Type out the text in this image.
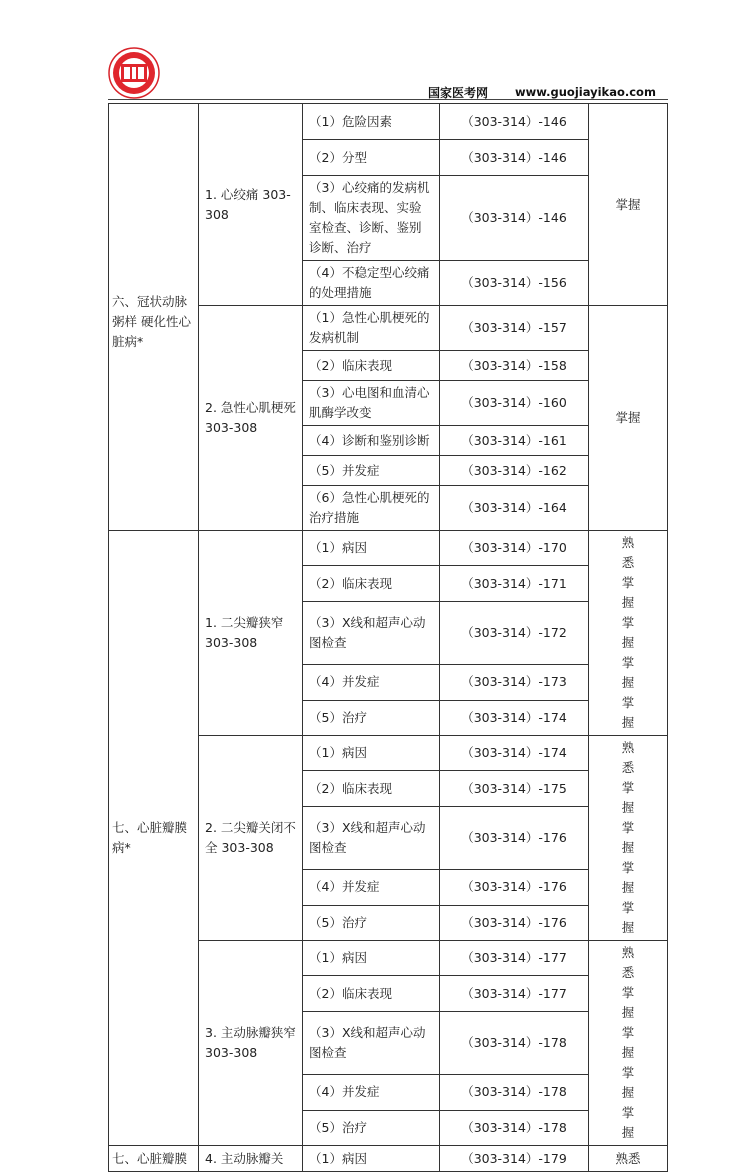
国家医考网 www.guojiayikao.com
六、冠状动脉粥样 硬化性心脏病*	1. 心绞痛 303-308	（1）危险因素	（303-314）-146	掌握
		（2）分型	（303-314）-146	
		（3）心绞痛的发病机制、临床表现、实验室检查、诊断、鉴别诊断、治疗	（303-314）-146	
		（4）不稳定型心绞痛的处理措施	（303-314）-156	
	2. 急性心肌梗死 303-308	（1）急性心肌梗死的发病机制	（303-314）-157	掌握
		（2）临床表现	（303-314）-158	
		（3）心电图和血清心肌酶学改变	（303-314）-160	
		（4）诊断和鉴别诊断	（303-314）-161	
		（5）并发症	（303-314）-162	
		（6）急性心肌梗死的治疗措施	（303-314）-164	
七、心脏瓣膜病*	1. 二尖瓣狭窄 303-308	（1）病因	（303-314）-170	熟悉 掌握 掌握 掌握 掌握
		（2）临床表现	（303-314）-171	
		（3）X线和超声心动图检查	（303-314）-172	
		（4）并发症	（303-314）-173	
		（5）治疗	（303-314）-174	
	2. 二尖瓣关闭不全 303-308	（1）病因	（303-314）-174	熟悉 掌握 掌握 掌握 掌握
		（2）临床表现	（303-314）-175	
		（3）X线和超声心动图检查	（303-314）-176	
		（4）并发症	（303-314）-176	
		（5）治疗	（303-314）-176	
	3. 主动脉瓣狭窄 303-308	（1）病因	（303-314）-177	熟悉 掌握 掌握 掌握 掌握
		（2）临床表现	（303-314）-177	
		（3）X线和超声心动图检查	（303-314）-178	
		（4）并发症	（303-314）-178	
		（5）治疗	（303-314）-178	
七、心脏瓣膜	4. 主动脉瓣关	（1）病因	（303-314）-179	熟悉
